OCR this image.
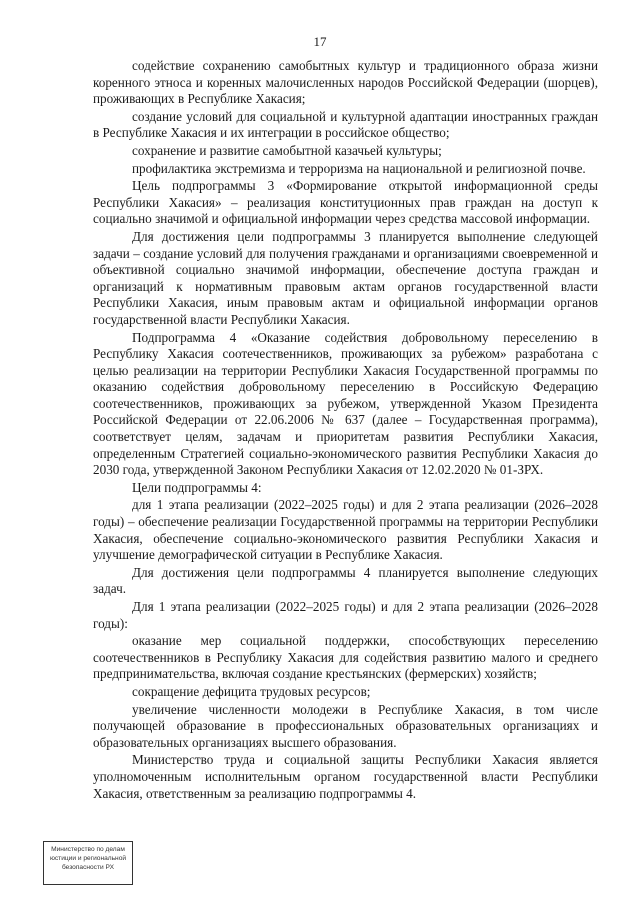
17

содействие сохранению самобытных культур и традиционного образа жизни коренного этноса и коренных малочисленных народов Российской Федерации (шорцев), проживающих в Республике Хакасия;

создание условий для социальной и культурной адаптации иностранных граждан в Республике Хакасия и их интеграции в российское общество;

сохранение и развитие самобытной казачьей культуры;

профилактика экстремизма и терроризма на национальной и религиозной почве.

Цель подпрограммы 3 «Формирование открытой информационной среды Республики Хакасия» – реализация конституционных прав граждан на доступ к социально значимой и официальной информации через средства массовой информации.

Для достижения цели подпрограммы 3 планируется выполнение следующей задачи – создание условий для получения гражданами и организациями своевременной и объективной социально значимой информации, обеспечение доступа граждан и организаций к нормативным правовым актам органов государственной власти Республики Хакасия, иным правовым актам и официальной информации органов государственной власти Республики Хакасия.

Подпрограмма 4 «Оказание содействия добровольному переселению в Республику Хакасия соотечественников, проживающих за рубежом» разработана с целью реализации на территории Республики Хакасия Государственной программы по оказанию содействия добровольному переселению в Российскую Федерацию соотечественников, проживающих за рубежом, утвержденной Указом Президента Российской Федерации от 22.06.2006 № 637 (далее – Государственная программа), соответствует целям, задачам и приоритетам развития Республики Хакасия, определенным Стратегией социально-экономического развития Республики Хакасия до 2030 года, утвержденной Законом Республики Хакасия от 12.02.2020 № 01-ЗРХ.

Цели подпрограммы 4:

для 1 этапа реализации (2022–2025 годы) и для 2 этапа реализации (2026–2028 годы) – обеспечение реализации Государственной программы на территории Республики Хакасия, обеспечение социально-экономического развития Республики Хакасия и улучшение демографической ситуации в Республике Хакасия.

Для достижения цели подпрограммы 4 планируется выполнение следующих задач.

Для 1 этапа реализации (2022–2025 годы) и для 2 этапа реализации (2026–2028 годы):

оказание мер социальной поддержки, способствующих переселению соотечественников в Республику Хакасия для содействия развитию малого и среднего предпринимательства, включая создание крестьянских (фермерских) хозяйств;

сокращение дефицита трудовых ресурсов;

увеличение численности молодежи в Республике Хакасия, в том числе получающей образование в профессиональных образовательных организациях и образовательных организациях высшего образования.

Министерство труда и социальной защиты Республики Хакасия является уполномоченным исполнительным органом государственной власти Республики Хакасия, ответственным за реализацию подпрограммы 4.

Министерство по делам
юстиции и региональной
безопасности РХ
